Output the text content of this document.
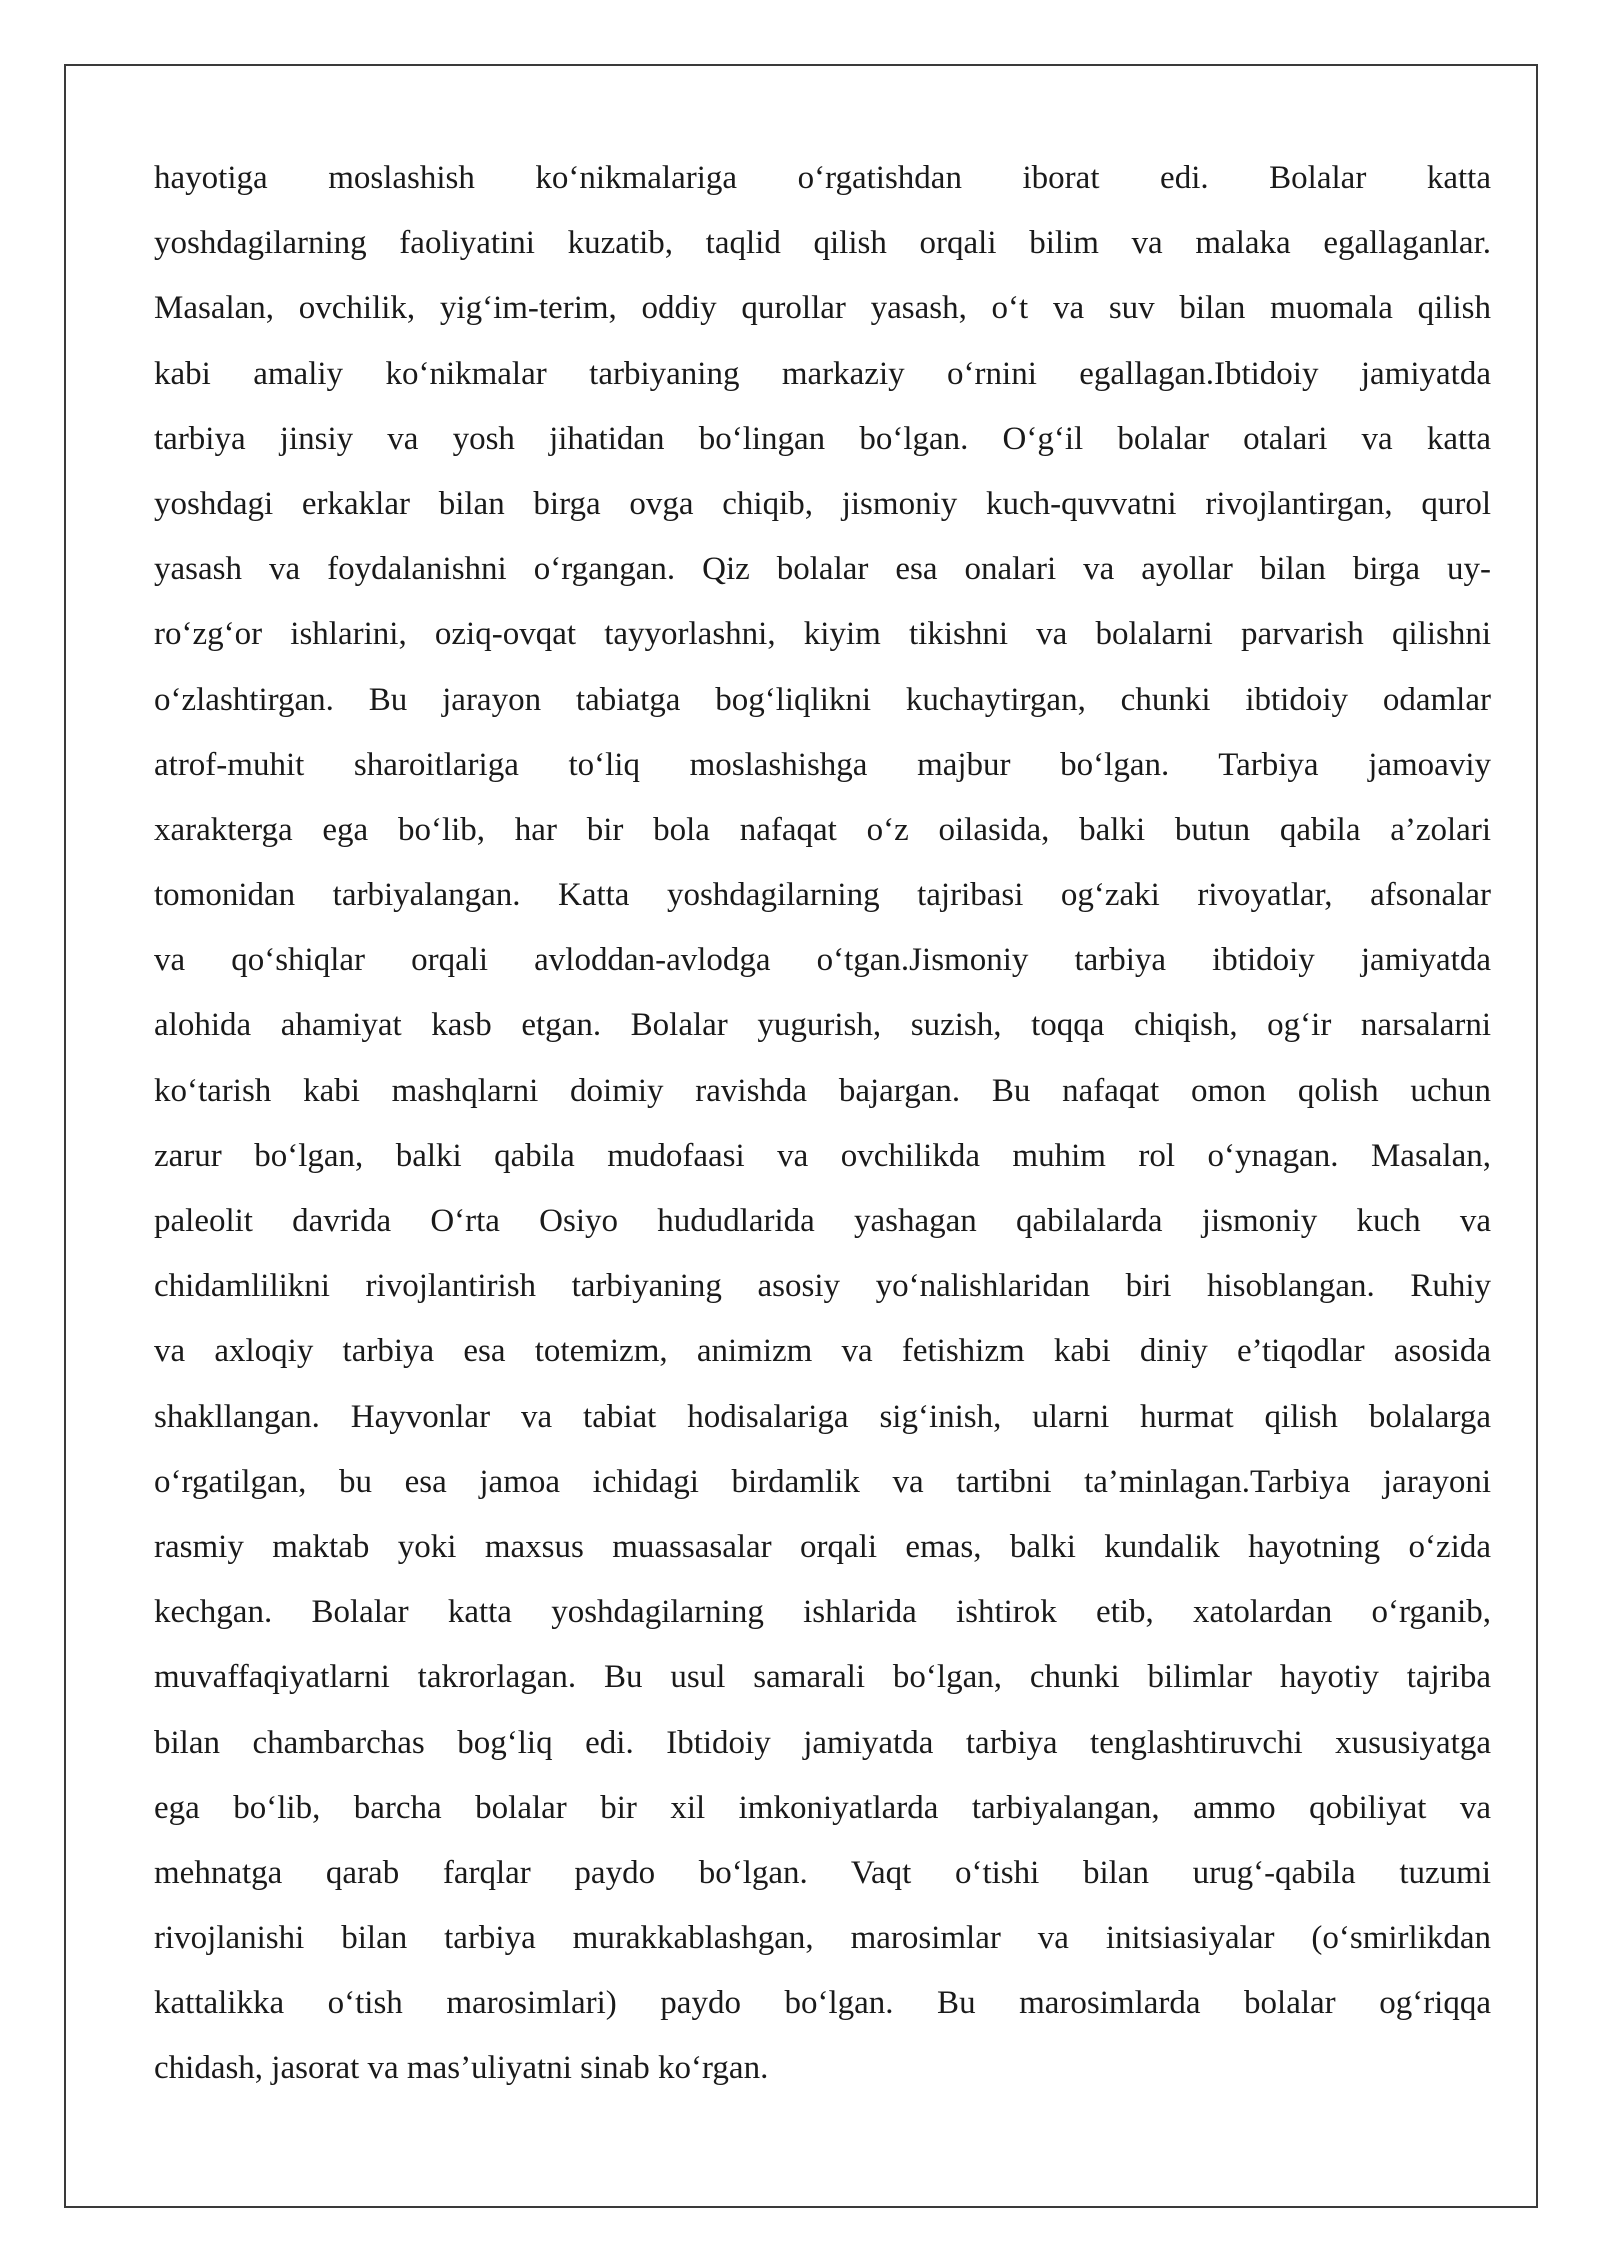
hayotiga moslashish koʻnikmalariga oʻrgatishdan iborat edi. Bolalar katta
yoshdagilarning faoliyatini kuzatib, taqlid qilish orqali bilim va malaka egallaganlar.
Masalan, ovchilik, yigʻim-terim, oddiy qurollar yasash, oʻt va suv bilan muomala qilish
kabi amaliy koʻnikmalar tarbiyaning markaziy oʻrnini egallagan.Ibtidoiy jamiyatda
tarbiya jinsiy va yosh jihatidan boʻlingan boʻlgan. Oʻgʻil bolalar otalari va katta
yoshdagi erkaklar bilan birga ovga chiqib, jismoniy kuch-quvvatni rivojlantirgan, qurol
yasash va foydalanishni oʻrgangan. Qiz bolalar esa onalari va ayollar bilan birga uy-
roʻzgʻor ishlarini, oziq-ovqat tayyorlashni, kiyim tikishni va bolalarni parvarish qilishni
oʻzlashtirgan. Bu jarayon tabiatga bogʻliqlikni kuchaytirgan, chunki ibtidoiy odamlar
atrof-muhit sharoitlariga toʻliq moslashishga majbur boʻlgan. Tarbiya jamoaviy
xarakterga ega boʻlib, har bir bola nafaqat oʻz oilasida, balki butun qabila a’zolari
tomonidan tarbiyalangan. Katta yoshdagilarning tajribasi ogʻzaki rivoyatlar, afsonalar
va qoʻshiqlar orqali avloddan-avlodga oʻtgan.Jismoniy tarbiya ibtidoiy jamiyatda
alohida ahamiyat kasb etgan. Bolalar yugurish, suzish, toqqa chiqish, ogʻir narsalarni
koʻtarish kabi mashqlarni doimiy ravishda bajargan. Bu nafaqat omon qolish uchun
zarur boʻlgan, balki qabila mudofaasi va ovchilikda muhim rol oʻynagan. Masalan,
paleolit davrida Oʻrta Osiyo hududlarida yashagan qabilalarda jismoniy kuch va
chidamlilikni rivojlantirish tarbiyaning asosiy yoʻnalishlaridan biri hisoblangan. Ruhiy
va axloqiy tarbiya esa totemizm, animizm va fetishizm kabi diniy e’tiqodlar asosida
shakllangan. Hayvonlar va tabiat hodisalariga sigʻinish, ularni hurmat qilish bolalarga
oʻrgatilgan, bu esa jamoa ichidagi birdamlik va tartibni ta’minlagan.Tarbiya jarayoni
rasmiy maktab yoki maxsus muassasalar orqali emas, balki kundalik hayotning oʻzida
kechgan. Bolalar katta yoshdagilarning ishlarida ishtirok etib, xatolardan oʻrganib,
muvaffaqiyatlarni takrorlagan. Bu usul samarali boʻlgan, chunki bilimlar hayotiy tajriba
bilan chambarchas bogʻliq edi. Ibtidoiy jamiyatda tarbiya tenglashtiruvchi xususiyatga
ega boʻlib, barcha bolalar bir xil imkoniyatlarda tarbiyalangan, ammo qobiliyat va
mehnatga qarab farqlar paydo boʻlgan. Vaqt oʻtishi bilan urugʻ-qabila tuzumi
rivojlanishi bilan tarbiya murakkablashgan, marosimlar va initsiasiyalar (oʻsmirlikdan
kattalikka oʻtish marosimlari) paydo boʻlgan. Bu marosimlarda bolalar ogʻriqqa
chidash, jasorat va mas’uliyatni sinab koʻrgan.
